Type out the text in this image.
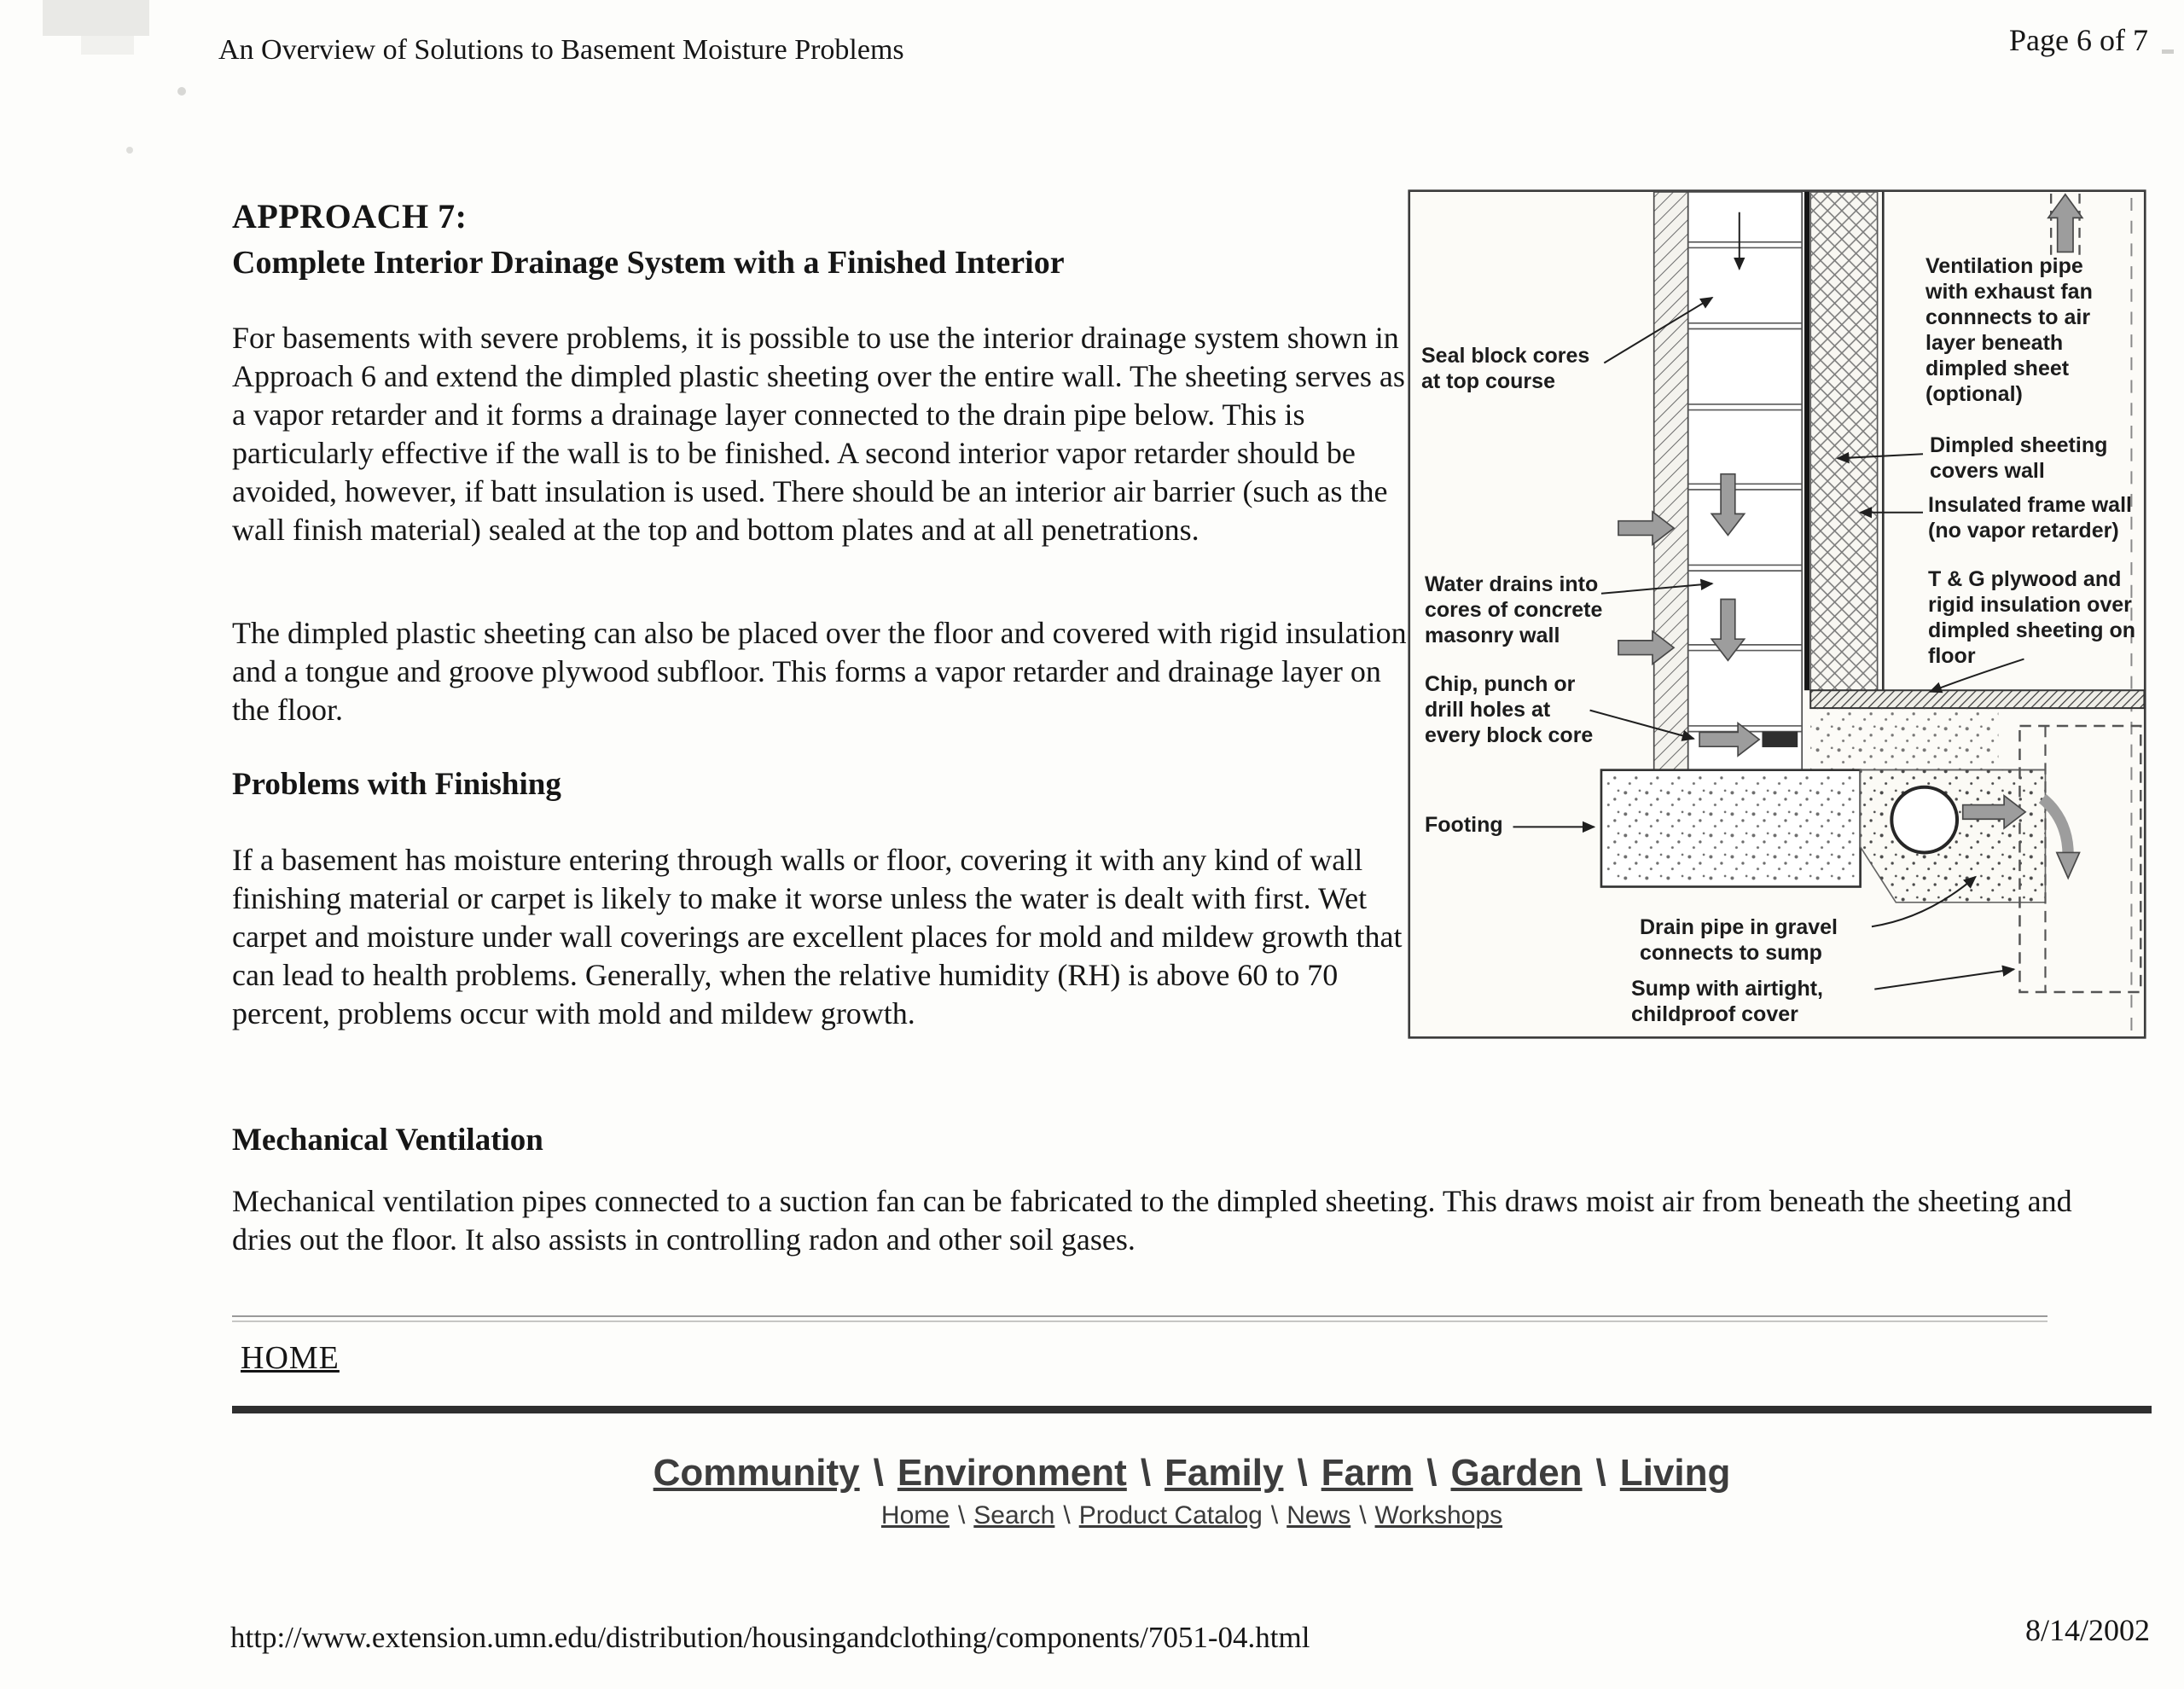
An Overview of Solutions to Basement Moisture Problems	Page 6 of 7
APPROACH 7:
Complete Interior Drainage System with a Finished Interior
For basements with severe problems, it is possible to use the interior drainage system shown in Approach 6 and extend the dimpled plastic sheeting over the entire wall. The sheeting serves as a vapor retarder and it forms a drainage layer connected to the drain pipe below. This is particularly effective if the wall is to be finished. A second interior vapor retarder should be avoided, however, if batt insulation is used. There should be an interior air barrier (such as the wall finish material) sealed at the top and bottom plates and at all penetrations.
The dimpled plastic sheeting can also be placed over the floor and covered with rigid insulation and a tongue and groove plywood subfloor. This forms a vapor retarder and drainage layer on the floor.
Problems with Finishing
If a basement has moisture entering through walls or floor, covering it with any kind of wall finishing material or carpet is likely to make it worse unless the water is dealt with first. Wet carpet and moisture under wall coverings are excellent places for mold and mildew growth that can lead to health problems. Generally, when the relative humidity (RH) is above 60 to 70 percent, problems occur with mold and mildew growth.
Mechanical Ventilation
Mechanical ventilation pipes connected to a suction fan can be fabricated to the dimpled sheeting. This draws moist air from beneath the sheeting and dries out the floor. It also assists in controlling radon and other soil gases.
Seal block cores at top course
Water drains into cores of concrete masonry wall
Chip, punch or drill holes at every block core
Footing
Ventilation pipe with exhaust fan connnects to air layer beneath dimpled sheet (optional)
Dimpled sheeting covers wall
Insulated frame wall (no vapor retarder)
T & G plywood and rigid insulation over dimpled sheeting on floor
Drain pipe in gravel connects to sump
Sump with airtight, childproof cover
HOME
Community \ Environment \ Family \ Farm \ Garden \ Living
Home \ Search \ Product Catalog \ News \ Workshops
http://www.extension.umn.edu/distribution/housingandclothing/components/7051-04.html	8/14/2002
